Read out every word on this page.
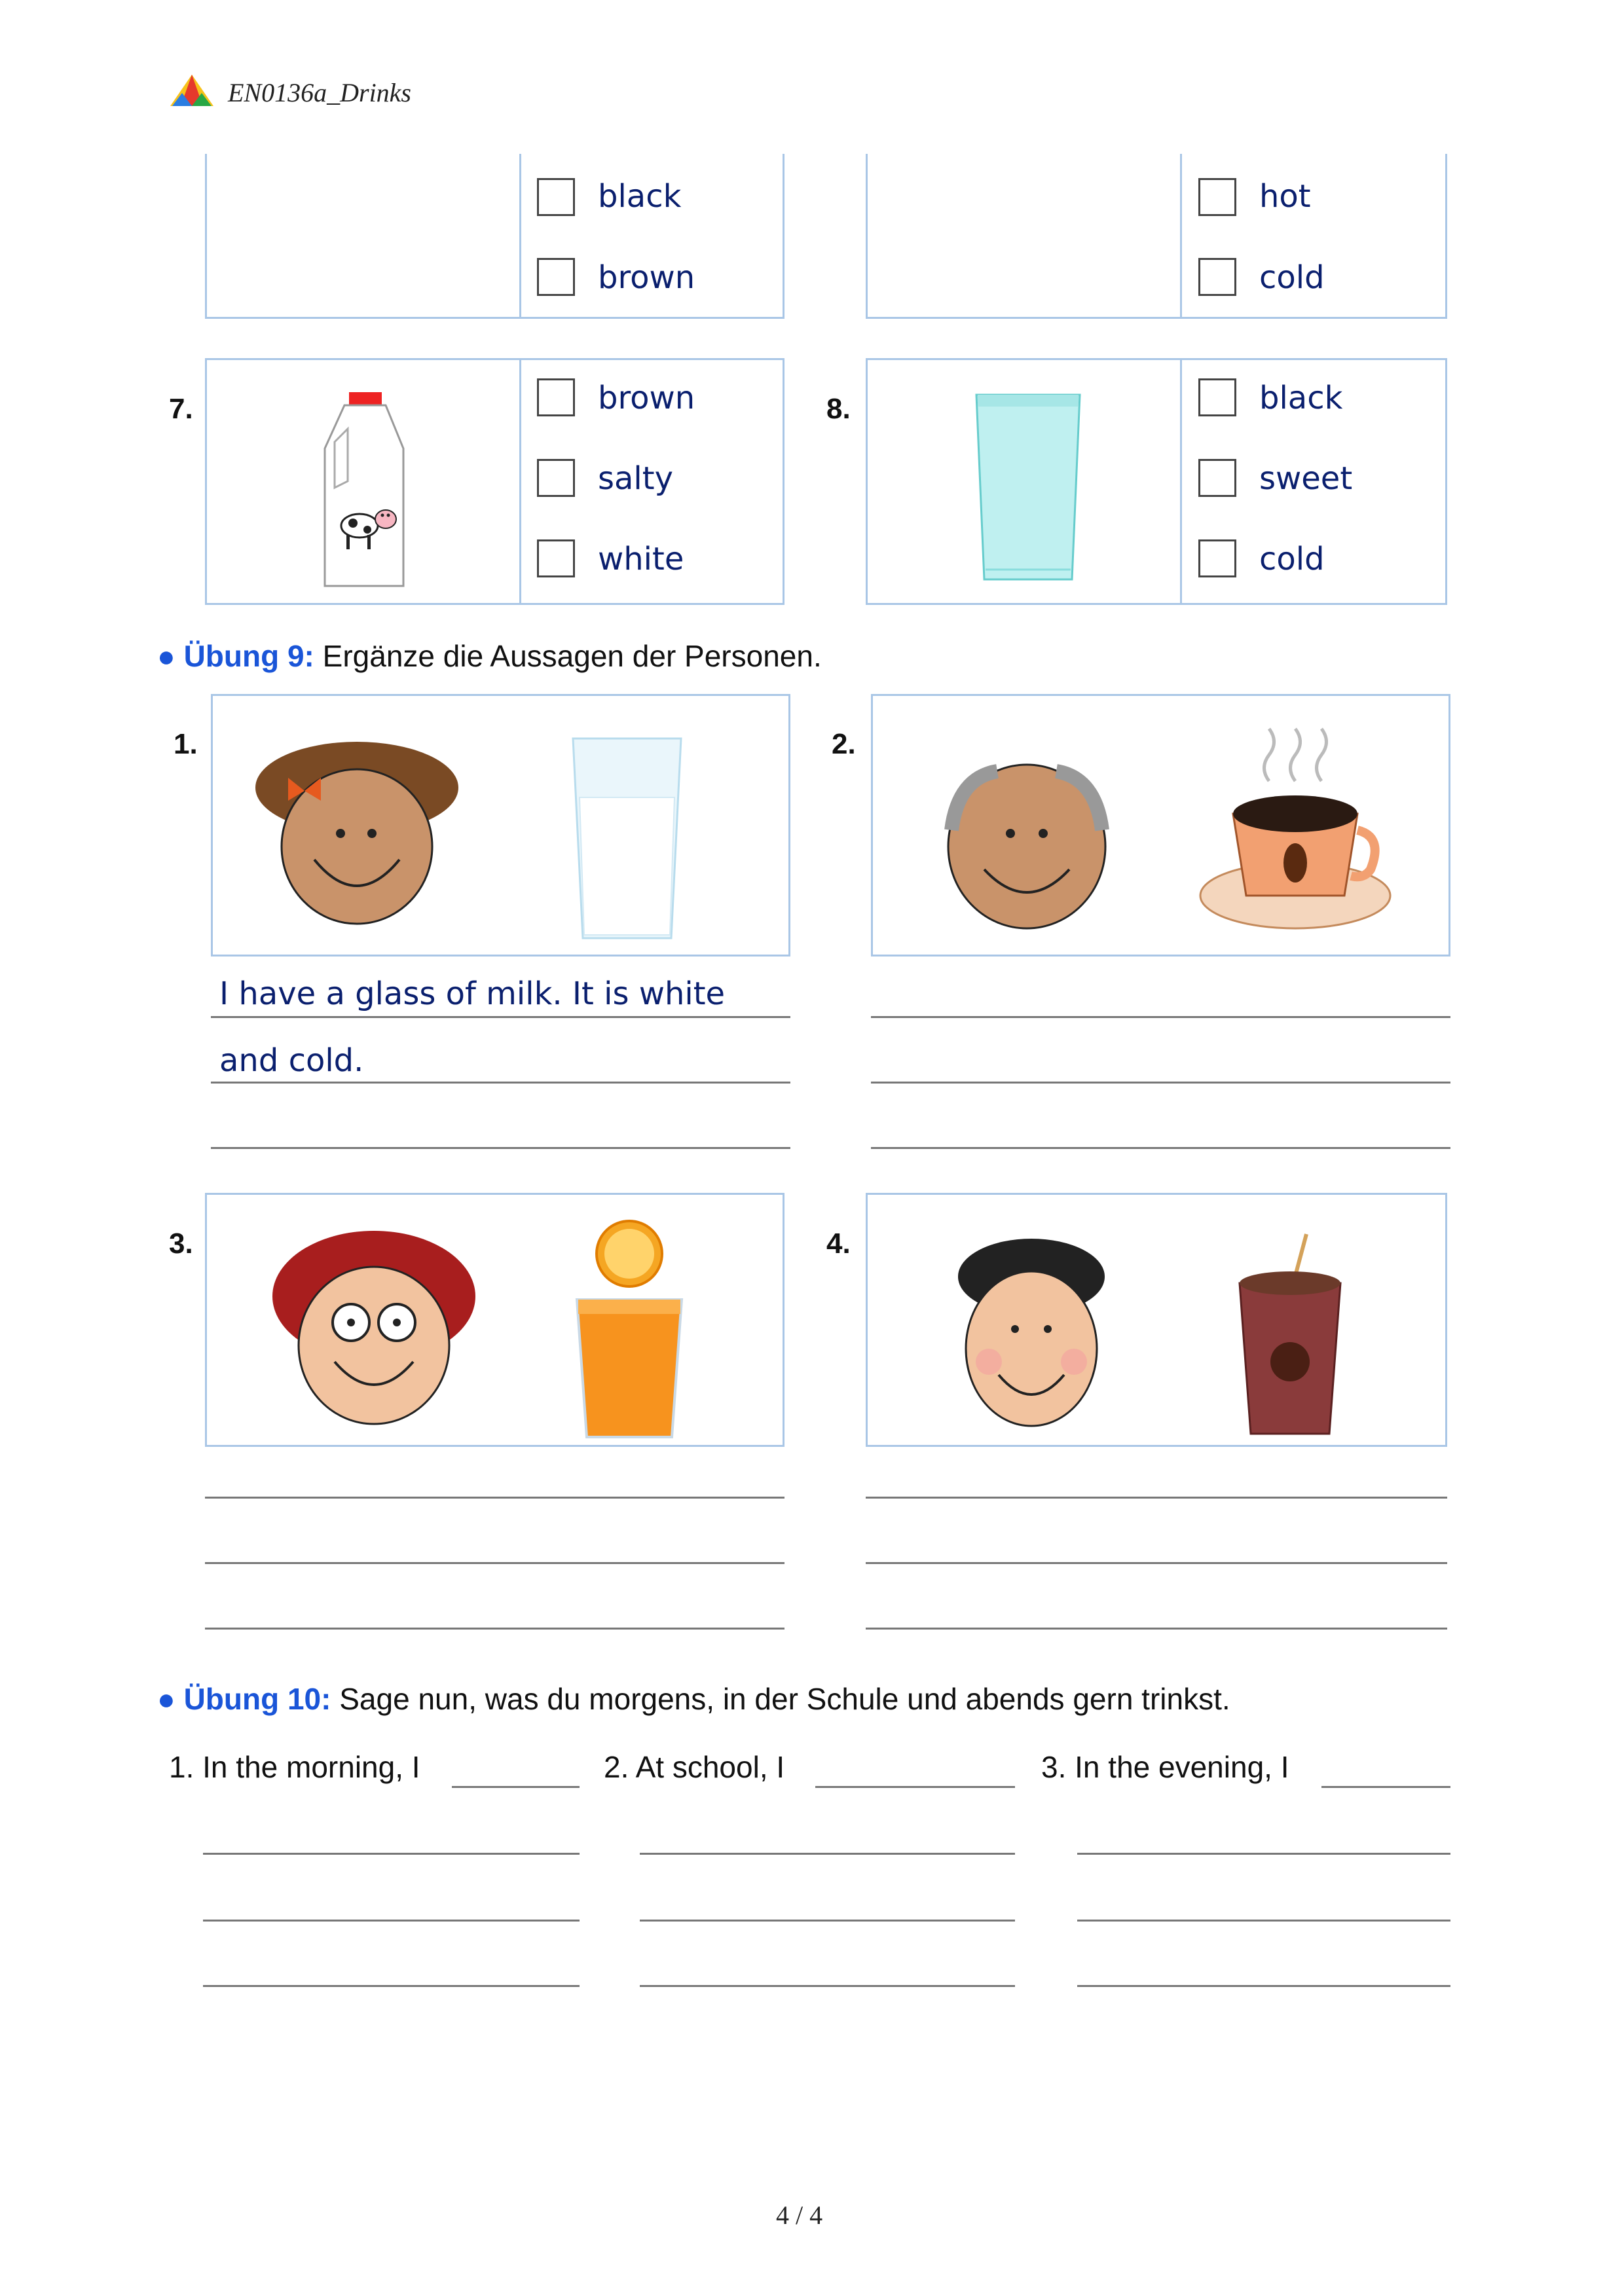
EN0136a_Drinks
black
brown
hot
cold
7.	brown
salty
white
8.	black
sweet
cold
● Übung 9: Ergänze die Aussagen der Personen.
1.
I have a glass of milk. It is white
and cold.
2.
3.	4.
● Übung 10: Sage nun, was du morgens, in der Schule und abends gern trinkst.
1. In the morning, I	2. At school, I	3. In the evening, I
4 / 4
